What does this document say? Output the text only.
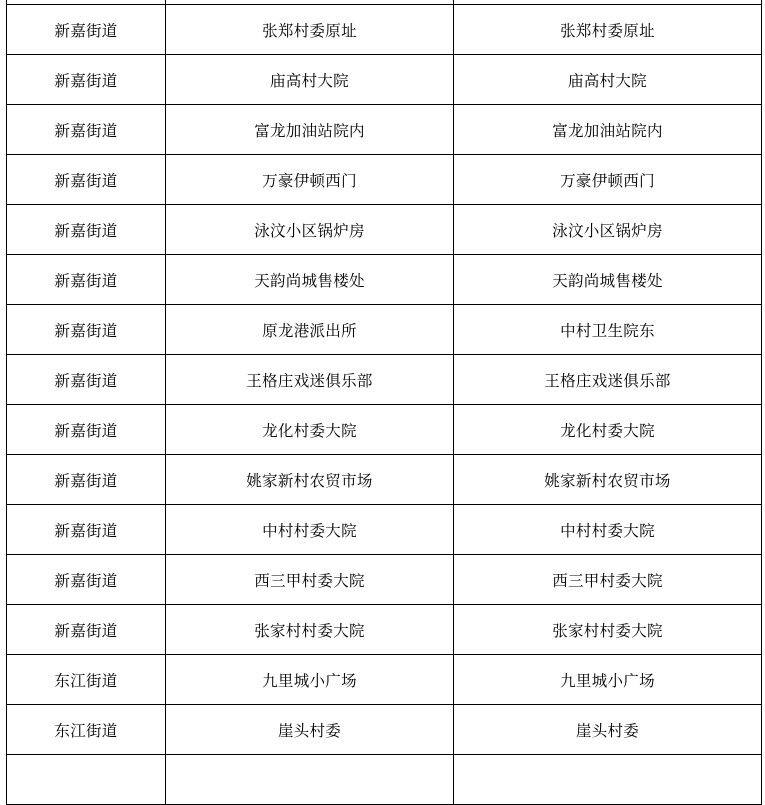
新嘉街道	张郑村委原址	张郑村委原址
新嘉街道	庙高村大院	庙高村大院
新嘉街道	富龙加油站院内	富龙加油站院内
新嘉街道	万豪伊顿西门	万豪伊顿西门
新嘉街道	泳汶小区锅炉房	泳汶小区锅炉房
新嘉街道	天韵尚城售楼处	天韵尚城售楼处
新嘉街道	原龙港派出所	中村卫生院东
新嘉街道	王格庄戏迷俱乐部	王格庄戏迷俱乐部
新嘉街道	龙化村委大院	龙化村委大院
新嘉街道	姚家新村农贸市场	姚家新村农贸市场
新嘉街道	中村村委大院	中村村委大院
新嘉街道	西三甲村委大院	西三甲村委大院
新嘉街道	张家村村委大院	张家村村委大院
东江街道	九里城小广场	九里城小广场
东江街道	崖头村委	崖头村委
